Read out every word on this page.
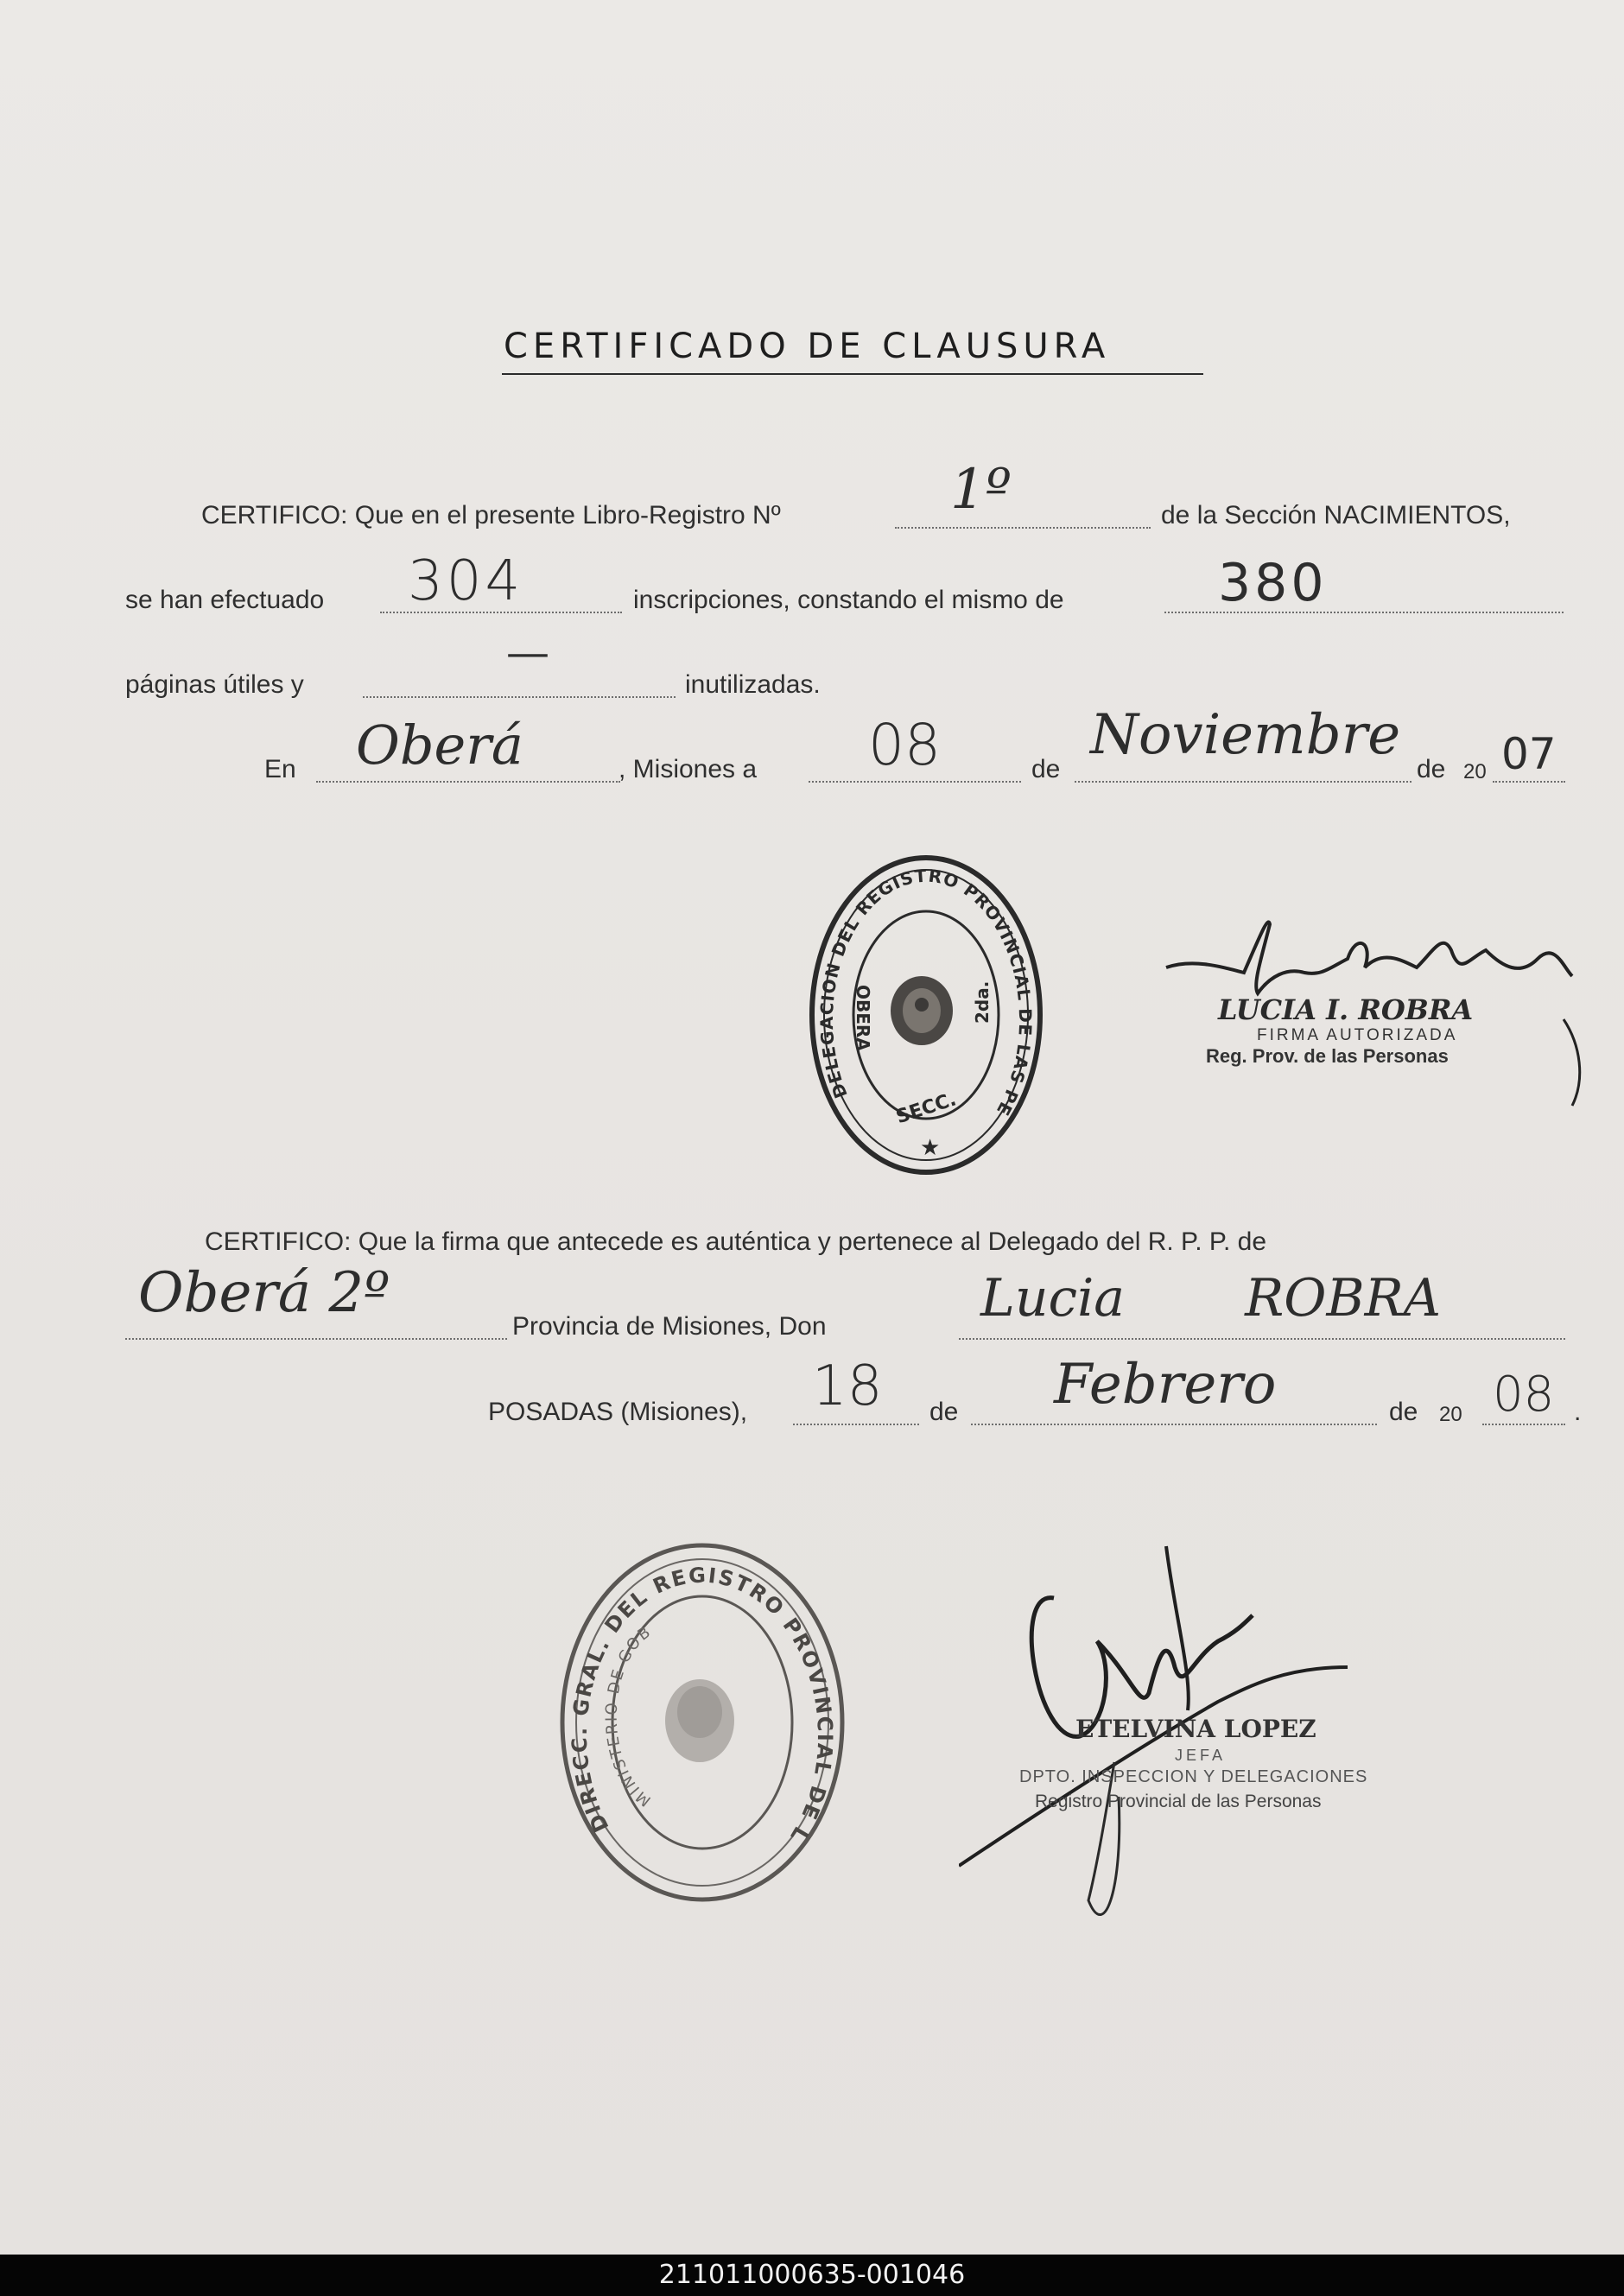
CERTIFICADO DE CLAUSURA
CERTIFICO: Que en el presente Libro-Registro Nº	1º	de la Sección NACIMIENTOS,
se han efectuado 304	inscripciones, constando el mismo de	380
páginas útiles y
—
inutilizadas.
En Oberá	, Misiones a 08	de
Noviembre
de 20 07
DELEGACION DEL REGISTRO PROVINCIAL DE LAS PE
OBERA
SECC.
2da.
★
LUCIA I. ROBRA
FIRMA AUTORIZADA
Reg. Prov. de las Personas
CERTIFICO: Que la firma que antecede es auténtica y pertenece al Delegado del R. P. P. de
Oberá 2º
Provincia de Misiones, Don	Lucia ROBRA
POSADAS (Misiones), 18 de Febrero	de 20 08 .
DIRECC. GRAL. DEL REGISTRO PROVINCIAL DE L
MINISTERIO DE GOB
ETELVINA LOPEZ
JEFA
DPTO. INSPECCION Y DELEGACIONES
Registro Provincial de las Personas
211011000635-001046
